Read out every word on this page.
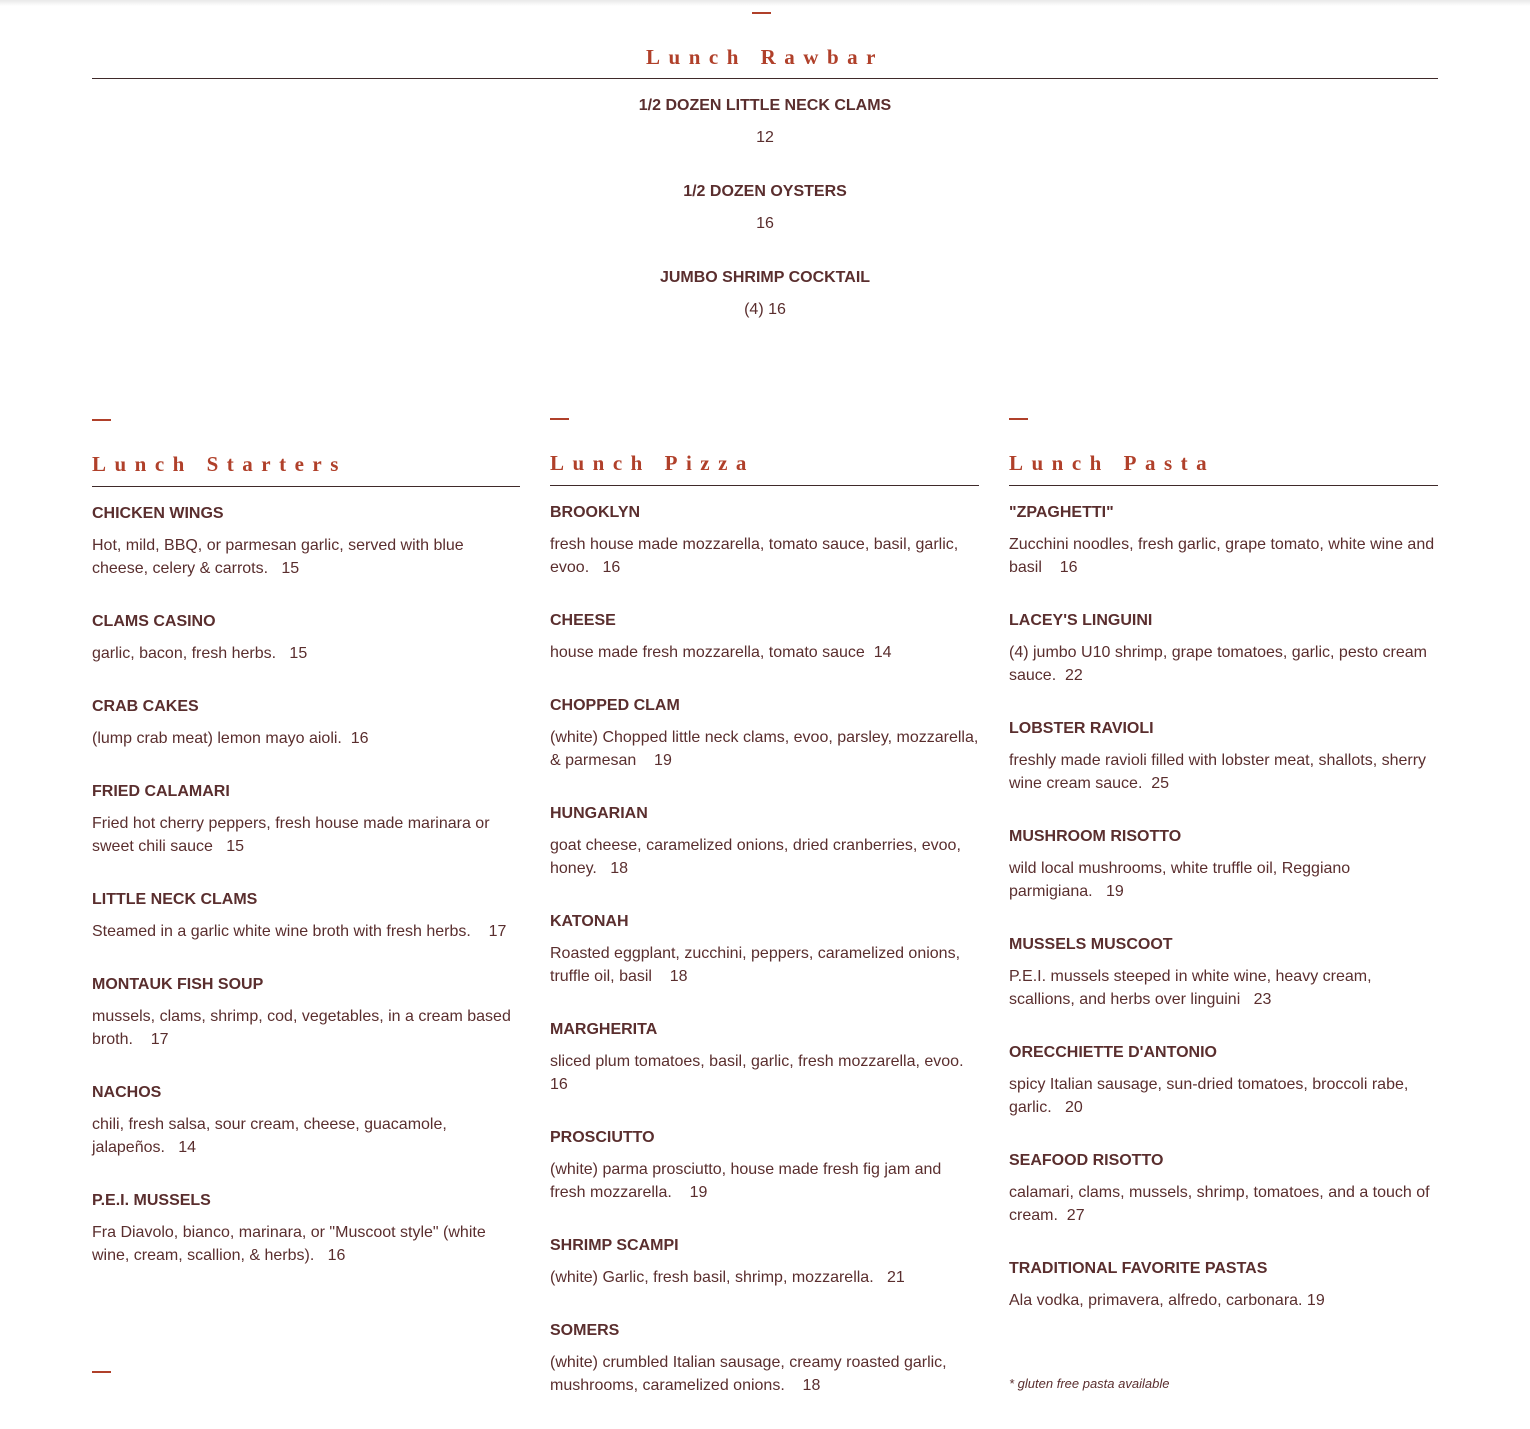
Lunch Rawbar

1/2 DOZEN LITTLE NECK CLAMS

12

1/2 DOZEN OYSTERS

16

JUMBO SHRIMP COCKTAIL

(4) 16

Lunch Starters

CHICKEN WINGS

Hot, mild, BBQ, or parmesan garlic, served with blue cheese, celery & carrots.   15

CLAMS CASINO

garlic, bacon, fresh herbs.   15

CRAB CAKES

(lump crab meat) lemon mayo aioli.  16

FRIED CALAMARI

Fried hot cherry peppers, fresh house made marinara or sweet chili sauce   15

LITTLE NECK CLAMS

Steamed in a garlic white wine broth with fresh herbs.    17

MONTAUK FISH SOUP

mussels, clams, shrimp, cod, vegetables, in a cream based broth.    17

NACHOS

chili, fresh salsa, sour cream, cheese, guacamole, jalapeños.   14

P.E.I. MUSSELS

Fra Diavolo, bianco, marinara, or "Muscoot style" (white wine, cream, scallion, & herbs).   16

Lunch Pizza

BROOKLYN

fresh house made mozzarella, tomato sauce, basil, garlic, evoo.   16

CHEESE

house made fresh mozzarella, tomato sauce  14

CHOPPED CLAM

(white) Chopped little neck clams, evoo, parsley, mozzarella, & parmesan    19

HUNGARIAN

goat cheese, caramelized onions, dried cranberries, evoo, honey.   18

KATONAH

Roasted eggplant, zucchini, peppers, caramelized onions, truffle oil, basil    18

MARGHERITA

sliced plum tomatoes, basil, garlic, fresh mozzarella, evoo. 16

PROSCIUTTO

(white) parma prosciutto, house made fresh fig jam and fresh mozzarella.    19

SHRIMP SCAMPI

(white) Garlic, fresh basil, shrimp, mozzarella.   21

SOMERS

(white) crumbled Italian sausage, creamy roasted garlic, mushrooms, caramelized onions.    18

Lunch Pasta

"ZPAGHETTI"

Zucchini noodles, fresh garlic, grape tomato, white wine and basil    16

LACEY'S LINGUINI

(4) jumbo U10 shrimp, grape tomatoes, garlic, pesto cream sauce.  22

LOBSTER RAVIOLI

freshly made ravioli filled with lobster meat, shallots, sherry wine cream sauce.  25

MUSHROOM RISOTTO

wild local mushrooms, white truffle oil, Reggiano parmigiana.   19

MUSSELS MUSCOOT

P.E.I. mussels steeped in white wine, heavy cream, scallions, and herbs over linguini   23

ORECCHIETTE D'ANTONIO

spicy Italian sausage, sun-dried tomatoes, broccoli rabe, garlic.   20

SEAFOOD RISOTTO

calamari, clams, mussels, shrimp, tomatoes, and a touch of cream.  27

TRADITIONAL FAVORITE PASTAS

Ala vodka, primavera, alfredo, carbonara. 19

* gluten free pasta available
